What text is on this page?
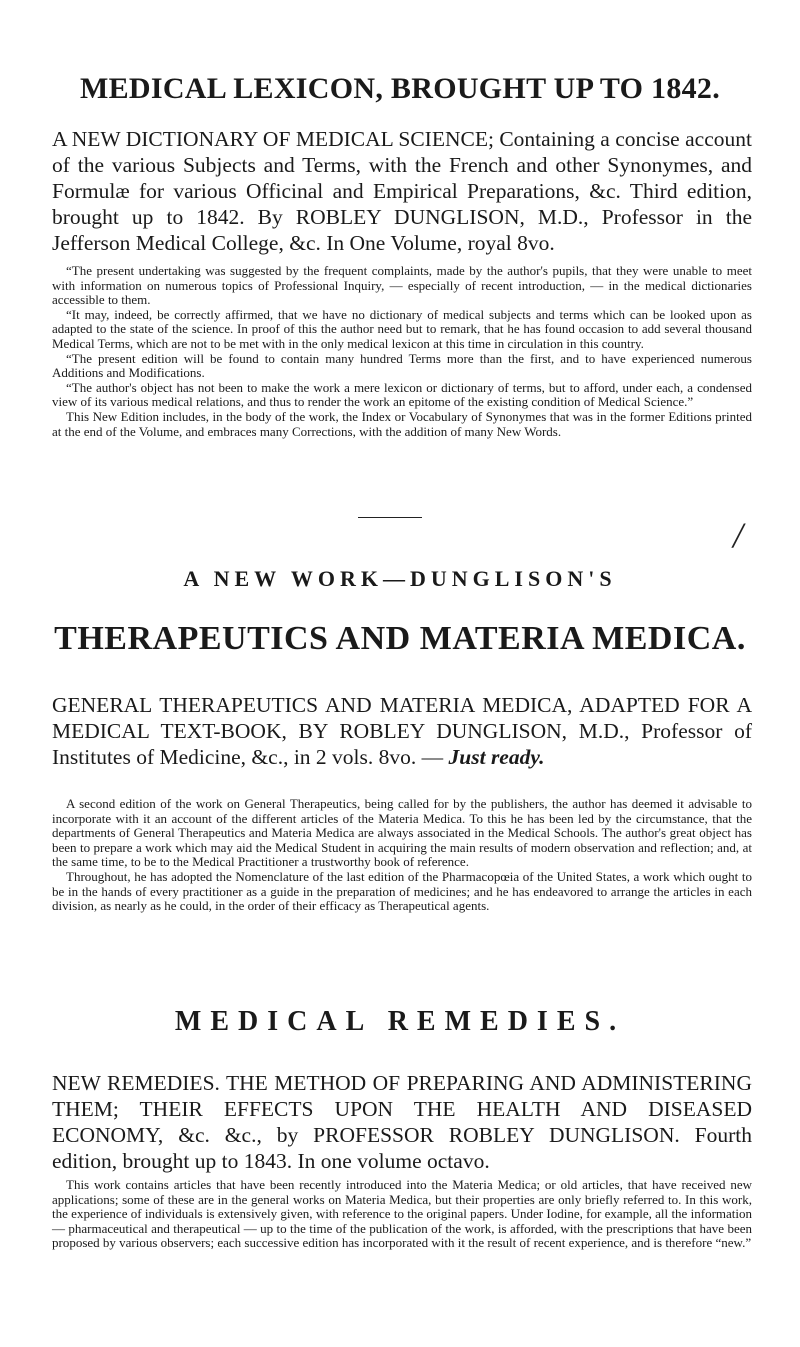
MEDICAL LEXICON, BROUGHT UP TO 1842.

A NEW DICTIONARY OF MEDICAL SCIENCE; Containing a concise account of the various Subjects and Terms, with the French and other Synonymes, and Formulæ for various Officinal and Empirical Preparations, &c. Third edition, brought up to 1842. By ROBLEY DUNGLISON, M.D., Professor in the Jefferson Medical College, &c. In One Volume, royal 8vo.

“The present undertaking was suggested by the frequent complaints, made by the author's pupils, that they were unable to meet with information on numerous topics of Professional Inquiry, — especially of recent introduction, — in the medical dictionaries accessible to them.

“It may, indeed, be correctly affirmed, that we have no dictionary of medical subjects and terms which can be looked upon as adapted to the state of the science. In proof of this the author need but to remark, that he has found occasion to add several thousand Medical Terms, which are not to be met with in the only medical lexicon at this time in circulation in this country.

“The present edition will be found to contain many hundred Terms more than the first, and to have experienced numerous Additions and Modifications.

“The author's object has not been to make the work a mere lexicon or dictionary of terms, but to afford, under each, a condensed view of its various medical relations, and thus to render the work an epitome of the existing condition of Medical Science.”

This New Edition includes, in the body of the work, the Index or Vocabulary of Synonymes that was in the former Editions printed at the end of the Volume, and embraces many Corrections, with the addition of many New Words.

/

A NEW WORK—DUNGLISON'S

THERAPEUTICS AND MATERIA MEDICA.

GENERAL THERAPEUTICS AND MATERIA MEDICA, ADAPTED FOR A MEDICAL TEXT-BOOK, BY ROBLEY DUNGLISON, M.D., Professor of Institutes of Medicine, &c., in 2 vols. 8vo. — Just ready.

A second edition of the work on General Therapeutics, being called for by the publishers, the author has deemed it advisable to incorporate with it an account of the different articles of the Materia Medica. To this he has been led by the circumstance, that the departments of General Therapeutics and Materia Medica are always associated in the Medical Schools. The author's great object has been to prepare a work which may aid the Medical Student in acquiring the main results of modern observation and reflection; and, at the same time, to be to the Medical Practitioner a trustworthy book of reference.

Throughout, he has adopted the Nomenclature of the last edition of the Pharmacopœia of the United States, a work which ought to be in the hands of every practitioner as a guide in the preparation of medicines; and he has endeavored to arrange the articles in each division, as nearly as he could, in the order of their efficacy as Therapeutical agents.

MEDICAL REMEDIES.

NEW REMEDIES. THE METHOD OF PREPARING AND ADMINISTERING THEM; THEIR EFFECTS UPON THE HEALTH AND DISEASED ECONOMY, &c. &c., by PROFESSOR ROBLEY DUNGLISON. Fourth edition, brought up to 1843. In one volume octavo.

This work contains articles that have been recently introduced into the Materia Medica; or old articles, that have received new applications; some of these are in the general works on Materia Medica, but their properties are only briefly referred to. In this work, the experience of individuals is extensively given, with reference to the original papers. Under Iodine, for example, all the information — pharmaceutical and therapeutical — up to the time of the publication of the work, is afforded, with the prescriptions that have been proposed by various observers; each successive edition has incorporated with it the result of recent experience, and is therefore “new.”
